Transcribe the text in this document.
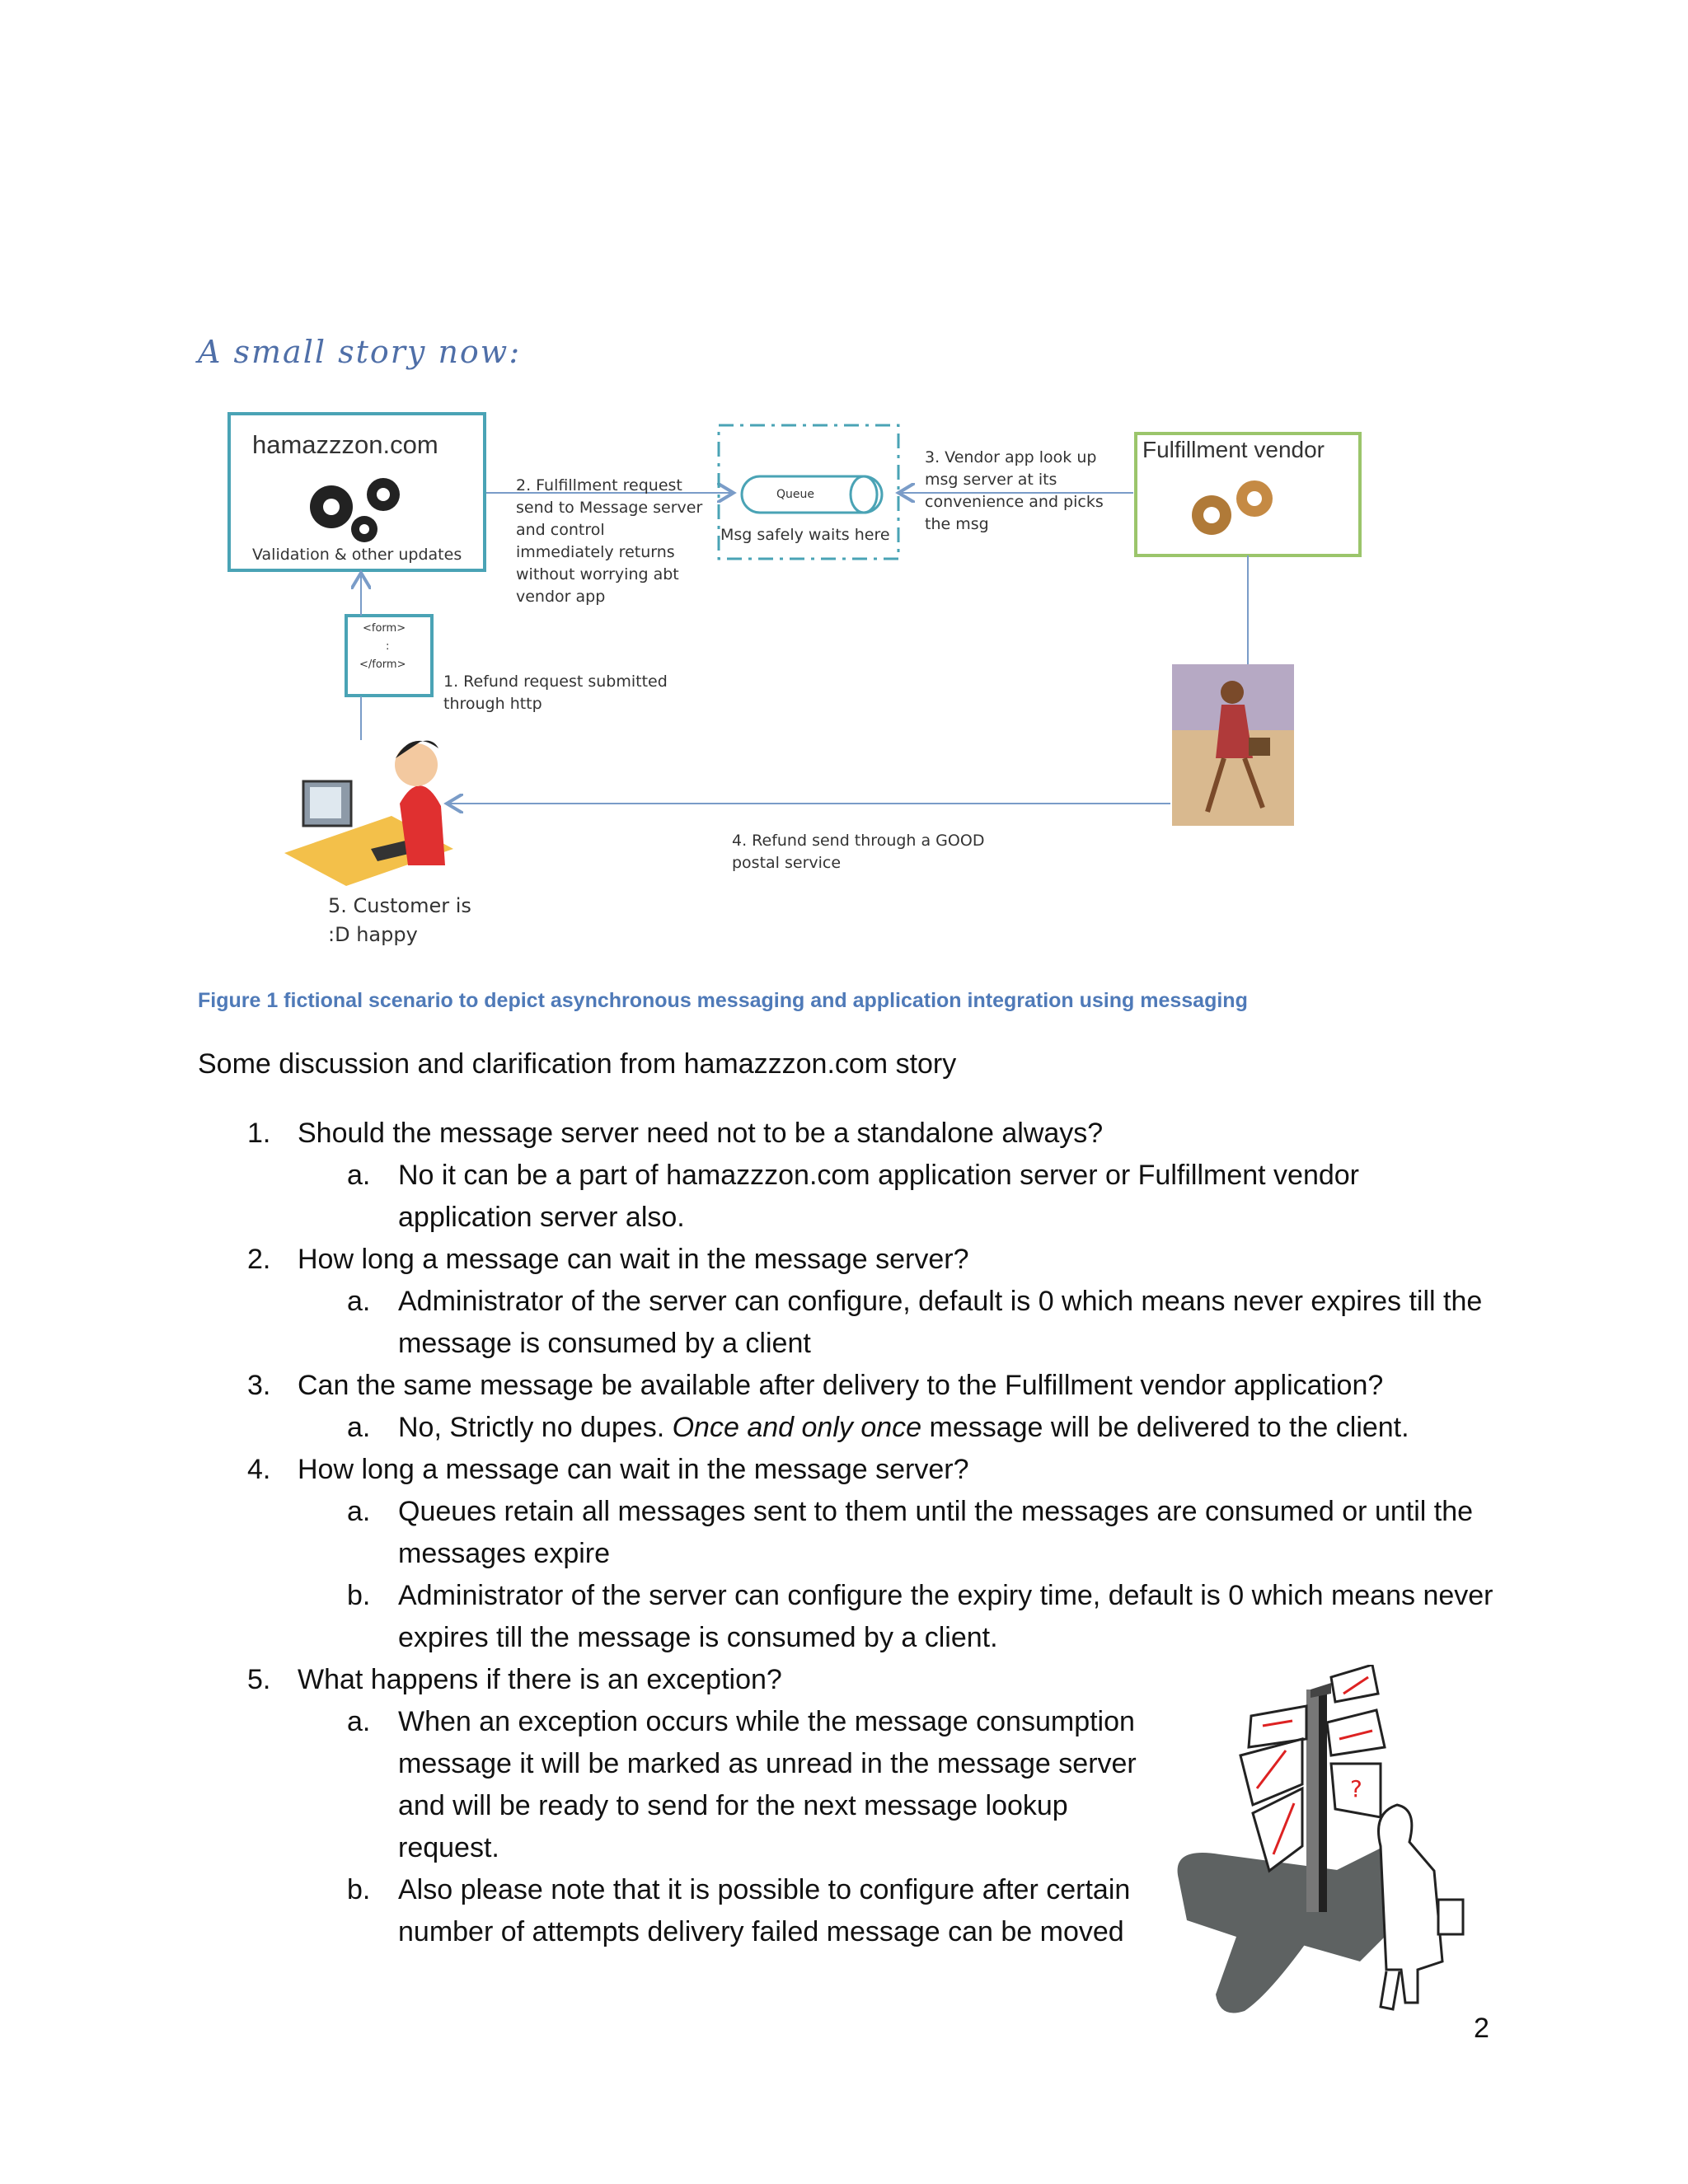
A small story now:
hamazzzon.com
Validation & other updates
2. Fulfillment request
send to Message server
and control
immediately returns
without worrying abt
vendor app
Queue
Msg safely waits here
3. Vendor app look up
msg server at its
convenience and picks
the msg
Fulfillment vendor
<form>
:
</form>
1. Refund request submitted
through http
4. Refund send through a GOOD
postal service
5. Customer is
:D happy
Figure 1 fictional scenario to depict asynchronous messaging and application integration using messaging
Some discussion and clarification from hamazzzon.com story
1. Should the message server need not to be a standalone always?

a. No it can be a part of hamazzzon.com application server or Fulfillment vendor application server also.
2. How long a message can wait in the message server?

a. Administrator of the server can configure, default is 0 which means never expires till the message is consumed by a client
3. Can the same message be available after delivery to the Fulfillment vendor application?

a. No, Strictly no dupes. Once and only once message will be delivered to the client.
4. How long a message can wait in the message server?

a. Queues retain all messages sent to them until the messages are consumed or until the messages expire
b. Administrator of the server can configure the expiry time, default is 0 which means never expires till the message is consumed by a client.
5. What happens if there is an exception?

a. When an exception occurs while the message consumption message it will be marked as unread in the message server and will be ready to send for the next message lookup request.
b. Also please note that it is possible to configure after certain number of attempts delivery failed message can be moved
?
2
